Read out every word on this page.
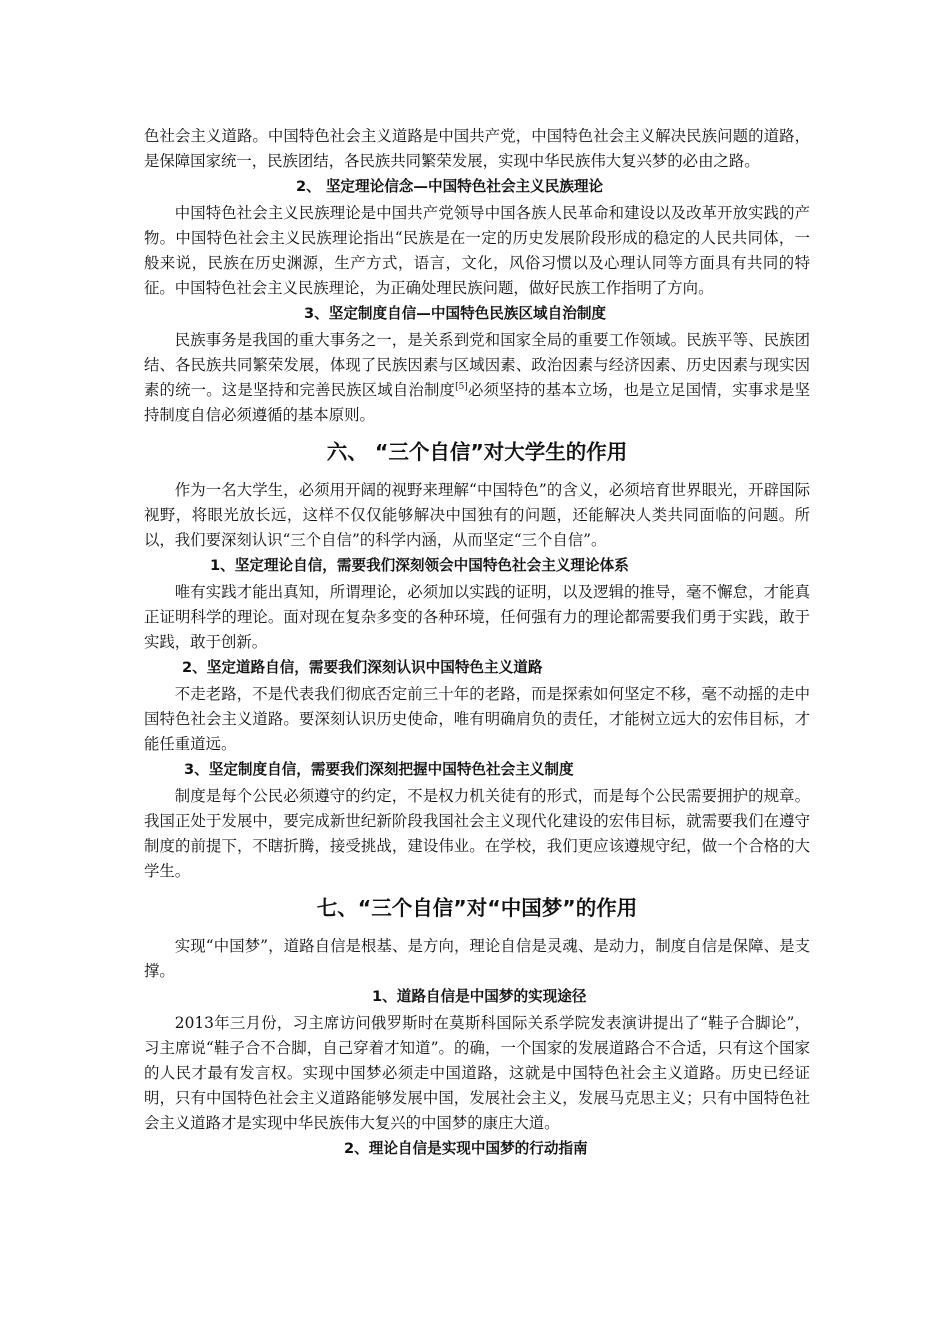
色社会主义道路。中国特色社会主义道路是中国共产党，中国特色社会主义解决民族问题的道路，是保障国家统一，民族团结，各民族共同繁荣发展，实现中华民族伟大复兴梦的必由之路。

2、 坚定理论信念—中国特色社会主义民族理论

中国特色社会主义民族理论是中国共产党领导中国各族人民革命和建设以及改革开放实践的产物。中国特色社会主义民族理论指出“民族是在一定的历史发展阶段形成的稳定的人民共同体，一般来说，民族在历史渊源，生产方式，语言，文化，风俗习惯以及心理认同等方面具有共同的特征。中国特色社会主义民族理论，为正确处理民族问题，做好民族工作指明了方向。

3、坚定制度自信—中国特色民族区域自治制度

民族事务是我国的重大事务之一，是关系到党和国家全局的重要工作领域。民族平等、民族团结、各民族共同繁荣发展，体现了民族因素与区域因素、政治因素与经济因素、历史因素与现实因素的统一。这是坚持和完善民族区域自治制度[5]必须坚持的基本立场，也是立足国情，实事求是坚持制度自信必须遵循的基本原则。

六、 “三个自信”对大学生的作用

作为一名大学生，必须用开阔的视野来理解“中国特色”的含义，必须培育世界眼光，开辟国际视野，将眼光放长远，这样不仅仅能够解决中国独有的问题，还能解决人类共同面临的问题。所以，我们要深刻认识“三个自信”的科学内涵，从而坚定“三个自信”。

1、坚定理论自信，需要我们深刻领会中国特色社会主义理论体系

唯有实践才能出真知，所谓理论，必须加以实践的证明，以及逻辑的推导，毫不懈怠，才能真正证明科学的理论。面对现在复杂多变的各种环境，任何强有力的理论都需要我们勇于实践，敢于实践，敢于创新。

2、坚定道路自信，需要我们深刻认识中国特色主义道路

不走老路，不是代表我们彻底否定前三十年的老路，而是探索如何坚定不移，毫不动摇的走中国特色社会主义道路。要深刻认识历史使命，唯有明确肩负的责任，才能树立远大的宏伟目标，才能任重道远。

3、坚定制度自信，需要我们深刻把握中国特色社会主义制度

制度是每个公民必须遵守的约定，不是权力机关徒有的形式，而是每个公民需要拥护的规章。我国正处于发展中，要完成新世纪新阶段我国社会主义现代化建设的宏伟目标，就需要我们在遵守制度的前提下，不瞎折腾，接受挑战，建设伟业。在学校，我们更应该遵规守纪，做一个合格的大学生。

七、“三个自信”对“中国梦”的作用

实现“中国梦”，道路自信是根基、是方向，理论自信是灵魂、是动力，制度自信是保障、是支撑。

1、道路自信是中国梦的实现途径

2013年三月份，习主席访问俄罗斯时在莫斯科国际关系学院发表演讲提出了“鞋子合脚论”，习主席说“鞋子合不合脚，自己穿着才知道”。的确，一个国家的发展道路合不合适，只有这个国家的人民才最有发言权。实现中国梦必须走中国道路，这就是中国特色社会主义道路。历史已经证明，只有中国特色社会主义道路能够发展中国，发展社会主义，发展马克思主义；只有中国特色社会主义道路才是实现中华民族伟大复兴的中国梦的康庄大道。

2、理论自信是实现中国梦的行动指南
